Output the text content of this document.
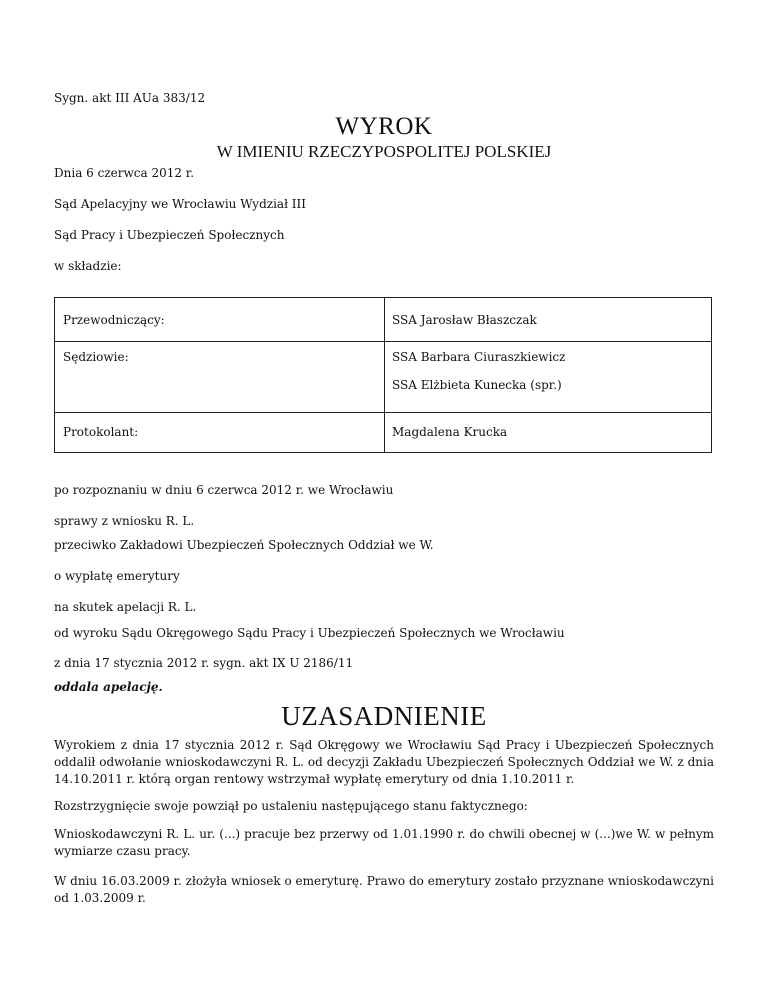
Sygn. akt III AUa 383/12
WYROK
W IMIENIU RZECZYPOSPOLITEJ POLSKIEJ
Dnia 6 czerwca 2012 r.
Sąd Apelacyjny we Wrocławiu Wydział III
Sąd Pracy i Ubezpieczeń Społecznych
w składzie:
Przewodniczący:	SSA Jarosław Błaszczak
Sędziowie:	SSA Barbara Ciuraszkiewicz
SSA Elżbieta Kunecka (spr.)
Protokolant:	Magdalena Krucka
po rozpoznaniu w dniu 6 czerwca 2012 r. we Wrocławiu
sprawy z wniosku R. L.
przeciwko Zakładowi Ubezpieczeń Społecznych Oddział we W.
o wypłatę emerytury
na skutek apelacji R. L.
od wyroku Sądu Okręgowego Sądu Pracy i Ubezpieczeń Społecznych we Wrocławiu
z dnia 17 stycznia 2012 r. sygn. akt IX U 2186/11
oddala apelację.
UZASADNIENIE
Wyrokiem z dnia 17 stycznia 2012 r. Sąd Okręgowy we Wrocławiu Sąd Pracy i Ubezpieczeń Społecznych oddalił odwołanie wnioskodawczyni R. L. od decyzji Zakładu Ubezpieczeń Społecznych Oddział we W. z dnia 14.10.2011 r. którą organ rentowy wstrzymał wypłatę emerytury od dnia 1.10.2011 r.
Rozstrzygnięcie swoje powziął po ustaleniu następującego stanu faktycznego:
Wnioskodawczyni R. L. ur. (...) pracuje bez przerwy od 1.01.1990 r. do chwili obecnej w (...)we W. w pełnym wymiarze czasu pracy.
W dniu 16.03.2009 r. złożyła wniosek o emeryturę. Prawo do emerytury zostało przyznane wnioskodawczyni od 1.03.2009 r.
